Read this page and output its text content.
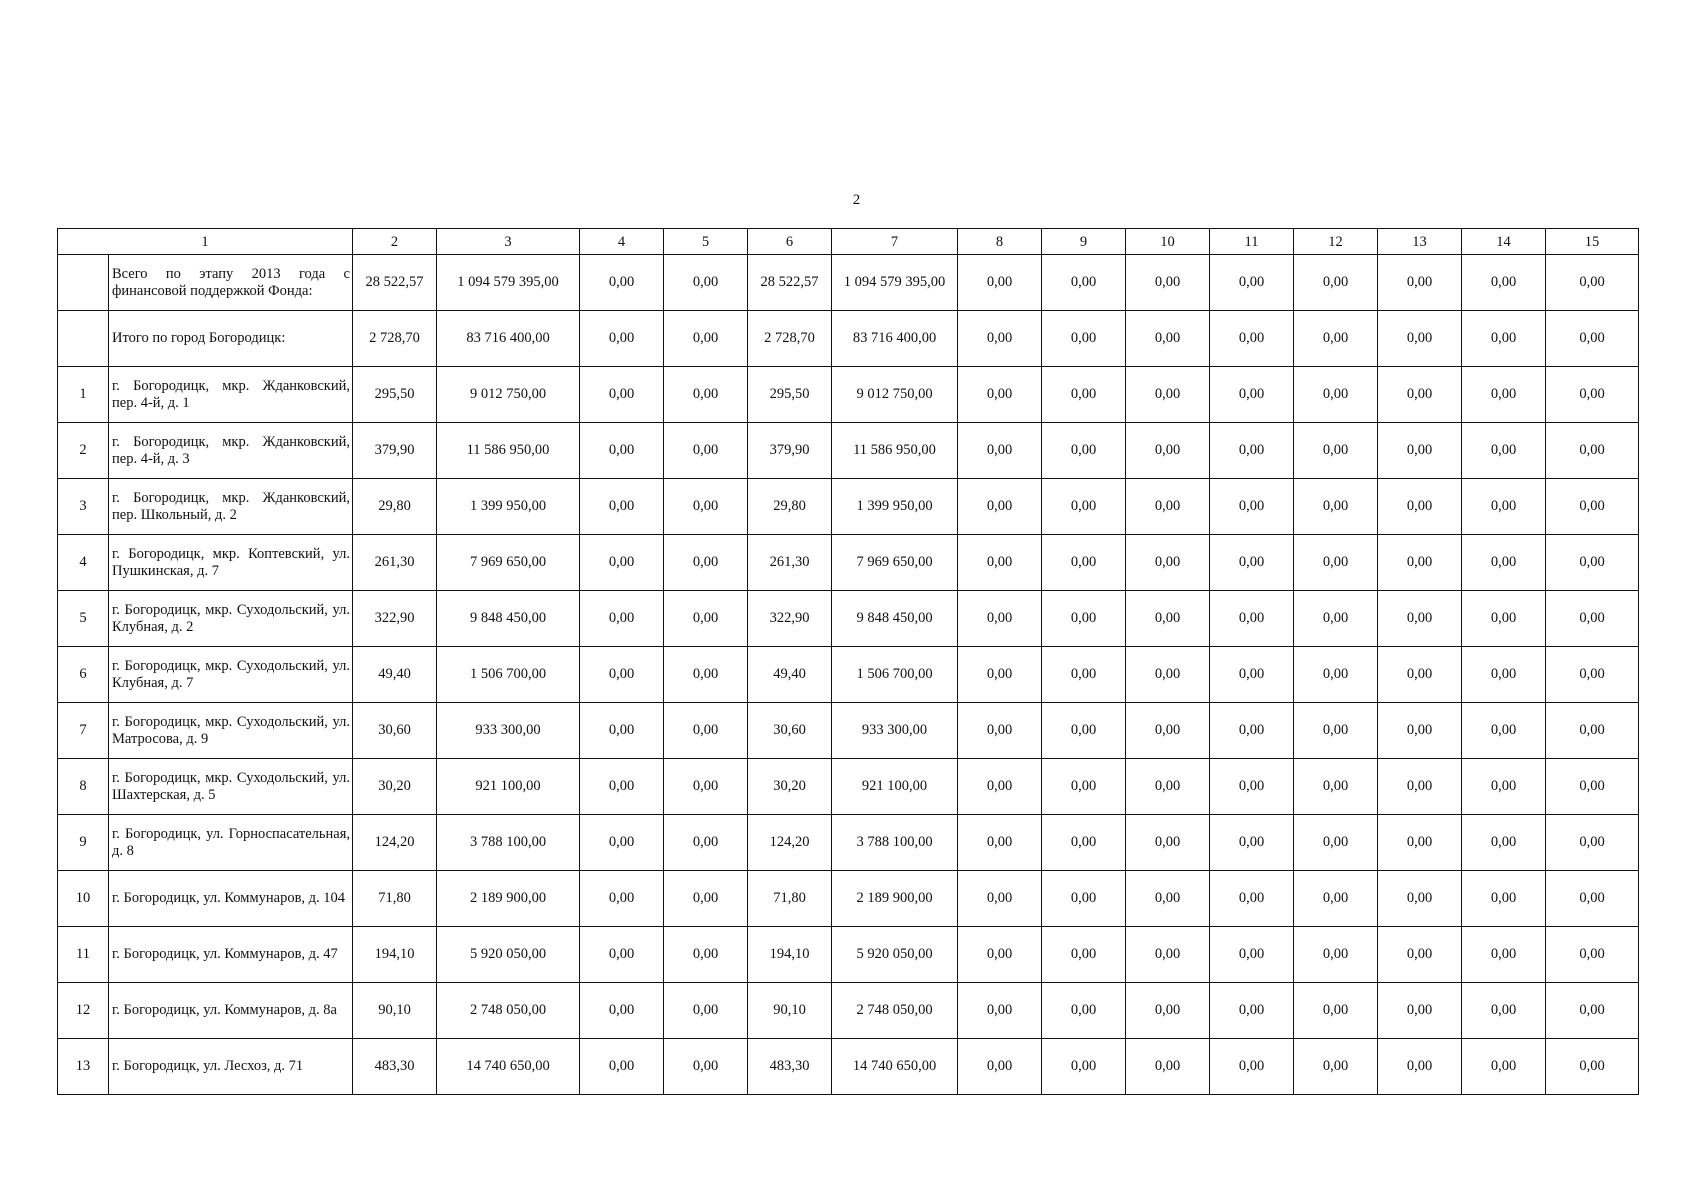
2
1		2	3	4	5	6	7	8	9	10	11	12	13	14	15
	Всего по этапу 2013 года с финансовой поддержкой Фонда:	28 522,57	1 094 579 395,00	0,00	0,00	28 522,57	1 094 579 395,00	0,00	0,00	0,00	0,00	0,00	0,00	0,00	0,00
	Итого по город Богородицк:	2 728,70	83 716 400,00	0,00	0,00	2 728,70	83 716 400,00	0,00	0,00	0,00	0,00	0,00	0,00	0,00	0,00
1	г. Богородицк, мкр. Жданковский, пер. 4-й, д. 1	295,50	9 012 750,00	0,00	0,00	295,50	9 012 750,00	0,00	0,00	0,00	0,00	0,00	0,00	0,00	0,00
2	г. Богородицк, мкр. Жданковский, пер. 4-й, д. 3	379,90	11 586 950,00	0,00	0,00	379,90	11 586 950,00	0,00	0,00	0,00	0,00	0,00	0,00	0,00	0,00
3	г. Богородицк, мкр. Жданковский, пер. Школьный, д. 2	29,80	1 399 950,00	0,00	0,00	29,80	1 399 950,00	0,00	0,00	0,00	0,00	0,00	0,00	0,00	0,00
4	г. Богородицк, мкр. Коптевский, ул. Пушкинская, д. 7	261,30	7 969 650,00	0,00	0,00	261,30	7 969 650,00	0,00	0,00	0,00	0,00	0,00	0,00	0,00	0,00
5	г. Богородицк, мкр. Суходольский, ул. Клубная, д. 2	322,90	9 848 450,00	0,00	0,00	322,90	9 848 450,00	0,00	0,00	0,00	0,00	0,00	0,00	0,00	0,00
6	г. Богородицк, мкр. Суходольский, ул. Клубная, д. 7	49,40	1 506 700,00	0,00	0,00	49,40	1 506 700,00	0,00	0,00	0,00	0,00	0,00	0,00	0,00	0,00
7	г. Богородицк, мкр. Суходольский, ул. Матросова, д. 9	30,60	933 300,00	0,00	0,00	30,60	933 300,00	0,00	0,00	0,00	0,00	0,00	0,00	0,00	0,00
8	г. Богородицк, мкр. Суходольский, ул. Шахтерская, д. 5	30,20	921 100,00	0,00	0,00	30,20	921 100,00	0,00	0,00	0,00	0,00	0,00	0,00	0,00	0,00
9	г. Богородицк, ул. Горноспасательная, д. 8	124,20	3 788 100,00	0,00	0,00	124,20	3 788 100,00	0,00	0,00	0,00	0,00	0,00	0,00	0,00	0,00
10	г. Богородицк, ул. Коммунаров, д. 104	71,80	2 189 900,00	0,00	0,00	71,80	2 189 900,00	0,00	0,00	0,00	0,00	0,00	0,00	0,00	0,00
11	г. Богородицк, ул. Коммунаров, д. 47	194,10	5 920 050,00	0,00	0,00	194,10	5 920 050,00	0,00	0,00	0,00	0,00	0,00	0,00	0,00	0,00
12	г. Богородицк, ул. Коммунаров, д. 8а	90,10	2 748 050,00	0,00	0,00	90,10	2 748 050,00	0,00	0,00	0,00	0,00	0,00	0,00	0,00	0,00
13	г. Богородицк, ул. Лесхоз, д. 71	483,30	14 740 650,00	0,00	0,00	483,30	14 740 650,00	0,00	0,00	0,00	0,00	0,00	0,00	0,00	0,00
